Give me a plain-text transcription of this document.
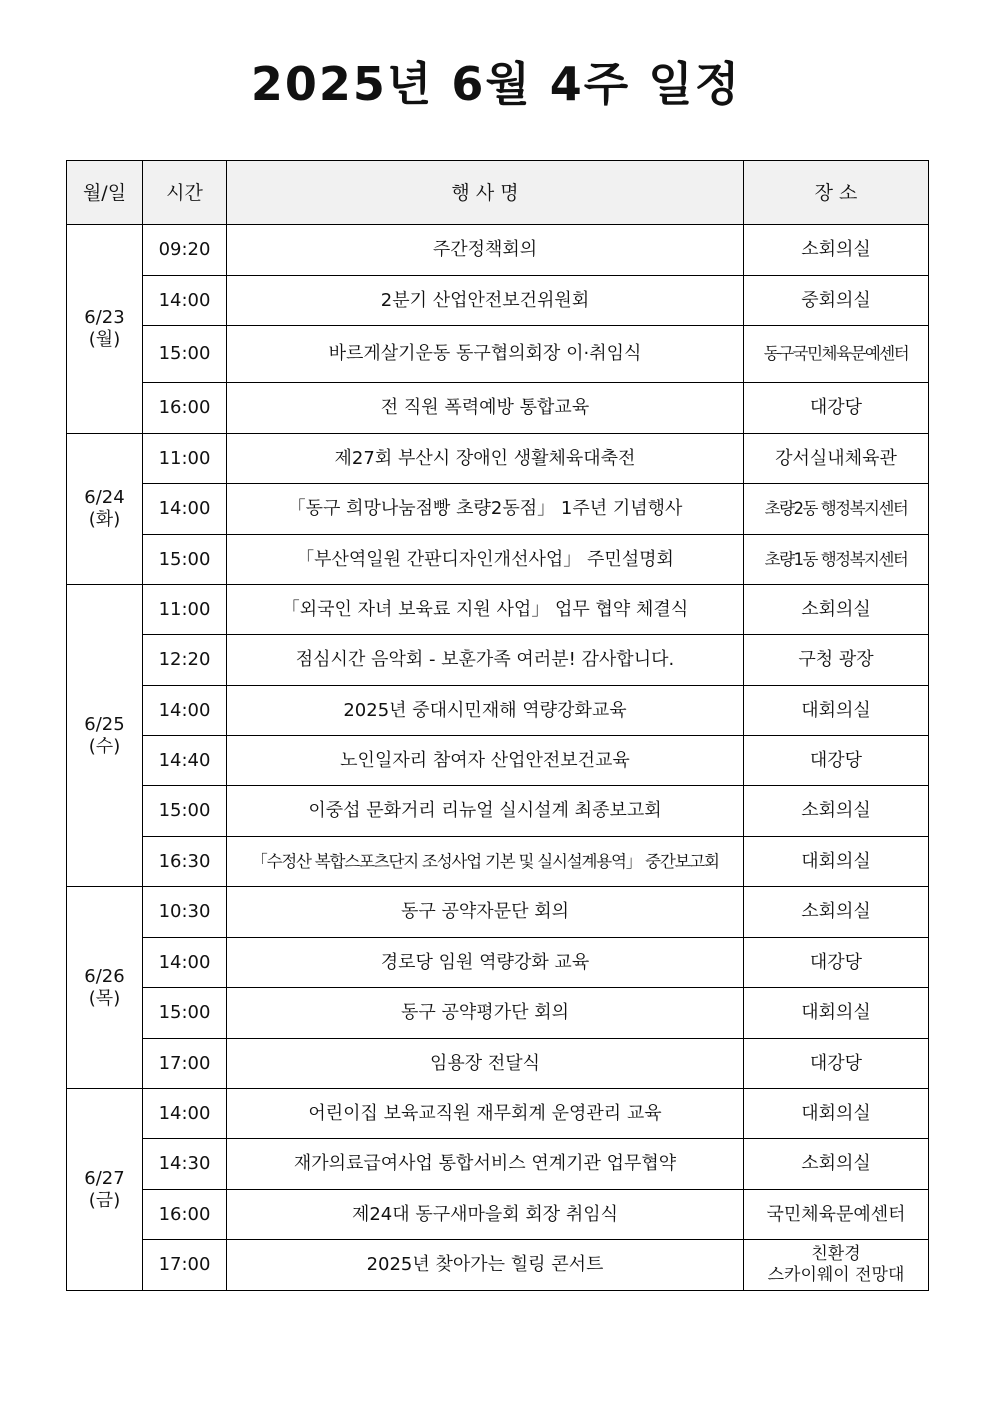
2025년 6월 4주 일정
월/일	시간	행 사 명	장 소
6/23
(월)	09:20	주간정책회의	소회의실
	14:00	2분기 산업안전보건위원회	중회의실
	15:00	바르게살기운동 동구협의회장 이·취임식	동구국민체육문예센터
	16:00	전 직원 폭력예방 통합교육	대강당
6/24
(화)	11:00	제27회 부산시 장애인 생활체육대축전	강서실내체육관
	14:00	「동구 희망나눔점빵 초량2동점」 1주년 기념행사	초량2동 행정복지센터
	15:00	「부산역일원 간판디자인개선사업」 주민설명회	초량1동 행정복지센터
6/25
(수)	11:00	「외국인 자녀 보육료 지원 사업」 업무 협약 체결식	소회의실
	12:20	점심시간 음악회 - 보훈가족 여러분! 감사합니다.	구청 광장
	14:00	2025년 중대시민재해 역량강화교육	대회의실
	14:40	노인일자리 참여자 산업안전보건교육	대강당
	15:00	이중섭 문화거리 리뉴얼 실시설계 최종보고회	소회의실
	16:30	「수정산 복합스포츠단지 조성사업 기본 및 실시설계용역」 중간보고회	대회의실
6/26
(목)	10:30	동구 공약자문단 회의	소회의실
	14:00	경로당 임원 역량강화 교육	대강당
	15:00	동구 공약평가단 회의	대회의실
	17:00	임용장 전달식	대강당
6/27
(금)	14:00	어린이집 보육교직원 재무회계 운영관리 교육	대회의실
	14:30	재가의료급여사업 통합서비스 연계기관 업무협약	소회의실
	16:00	제24대 동구새마을회 회장 취임식	국민체육문예센터
	17:00	2025년 찾아가는 힐링 콘서트	친환경
스카이웨이 전망대
